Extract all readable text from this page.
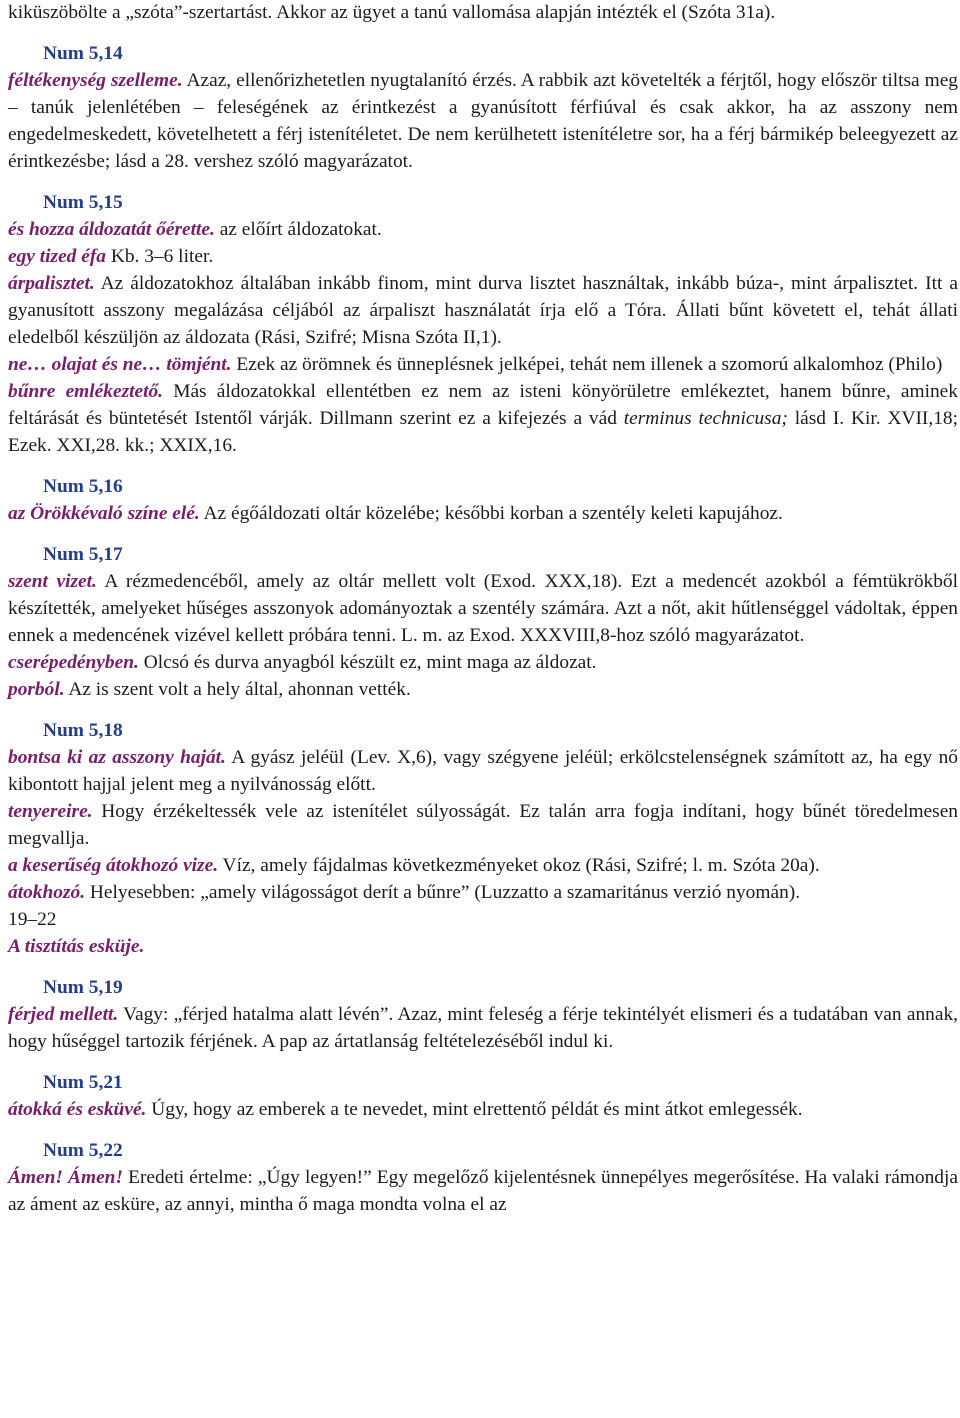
kiküszöbölte a „szóta”-szertartást. Akkor az ügyet a tanú vallomása alapján intézték el (Szóta 31a).

Num 5,14

féltékenység szelleme. Azaz, ellenőrizhetetlen nyugtalanító érzés. A rabbik azt követelték a férjtől, hogy először tiltsa meg – tanúk jelenlétében – feleségének az érintkezést a gyanúsított férfiúval és csak akkor, ha az asszony nem engedelmeskedett, követelhetett a férj istenítéletet. De nem kerülhetett istenítéletre sor, ha a férj bármikép beleegyezett az érintkezésbe; lásd a 28. vershez szóló magyarázatot.

Num 5,15

és hozza áldozatát őérette. az előírt áldozatokat.

egy tized éfa Kb. 3–6 liter.

árpalisztet. Az áldozatokhoz általában inkább finom, mint durva lisztet használtak, inkább búza-, mint árpalisztet. Itt a gyanusított asszony megalázása céljából az árpaliszt használatát írja elő a Tóra. Állati bűnt követett el, tehát állati eledelből készüljön az áldozata (Rási, Szifré; Misna Szóta II,1).

ne… olajat és ne… tömjént. Ezek az örömnek és ünneplésnek jelképei, tehát nem illenek a szomorú alkalomhoz (Philo)

bűnre emlékeztető. Más áldozatokkal ellentétben ez nem az isteni könyörületre emlékeztet, hanem bűnre, aminek feltárását és büntetését Istentől várják. Dillmann szerint ez a kifejezés a vád terminus technicusa; lásd I. Kir. XVII,18; Ezek. XXI,28. kk.; XXIX,16.

Num 5,16

az Örökkévaló színe elé. Az égőáldozati oltár közelébe; későbbi korban a szentély keleti kapujához.

Num 5,17

szent vizet. A rézmedencéből, amely az oltár mellett volt (Exod. XXX,18). Ezt a medencét azokból a fémtükrökből készítették, amelyeket hűséges asszonyok adományoztak a szentély számára. Azt a nőt, akit hűtlenséggel vádoltak, éppen ennek a medencének vizével kellett próbára tenni. L. m. az Exod. XXXVIII,8-hoz szóló magyarázatot.

cserépedényben. Olcsó és durva anyagból készült ez, mint maga az áldozat.

porból. Az is szent volt a hely által, ahonnan vették.

Num 5,18

bontsa ki az asszony haját. A gyász jeléül (Lev. X,6), vagy szégyene jeléül; erkölcstelenségnek számított az, ha egy nő kibontott hajjal jelent meg a nyilvánosság előtt.

tenyereire. Hogy érzékeltessék vele az istenítélet súlyosságát. Ez talán arra fogja indítani, hogy bűnét töredelmesen megvallja.

a keserűség átokhozó vize. Víz, amely fájdalmas következményeket okoz (Rási, Szifré; l. m. Szóta 20a).

átokhozó. Helyesebben: „amely világosságot derít a bűnre” (Luzzatto a szamaritánus verzió nyomán).

19–22

A tisztítás esküje.

Num 5,19

férjed mellett. Vagy: „férjed hatalma alatt lévén”. Azaz, mint feleség a férje tekintélyét elismeri és a tudatában van annak, hogy hűséggel tartozik férjének. A pap az ártatlanság feltételezéséből indul ki.

Num 5,21

átokká és esküvé. Úgy, hogy az emberek a te nevedet, mint elrettentő példát és mint átkot emlegessék.

Num 5,22

Ámen! Ámen! Eredeti értelme: „Úgy legyen!” Egy megelőző kijelentésnek ünnepélyes megerősítése. Ha valaki rámondja az áment az esküre, az annyi, mintha ő maga mondta volna el az
